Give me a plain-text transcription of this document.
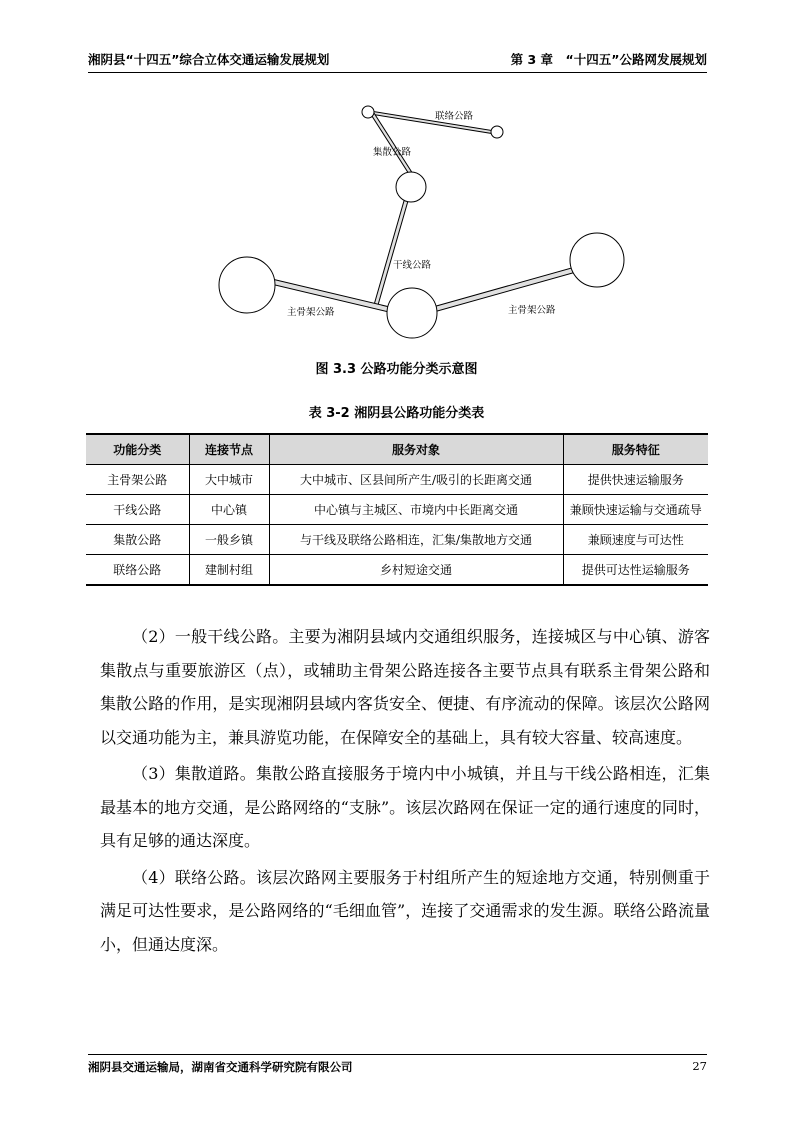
湘阴县“十四五”综合立体交通运输发展规划	第 3 章　“十四五”公路网发展规划
联络公路
集散公路
干线公路
主骨架公路	主骨架公路
图 3.3 公路功能分类示意图
表 3-2 湘阴县公路功能分类表
功能分类	连接节点	服务对象	服务特征
主骨架公路	大中城市	大中城市、区县间所产生/吸引的长距离交通	提供快速运输服务
干线公路	中心镇	中心镇与主城区、市境内中长距离交通	兼顾快速运输与交通疏导
集散公路	一般乡镇	与干线及联络公路相连，汇集/集散地方交通	兼顾速度与可达性
联络公路	建制村组	乡村短途交通	提供可达性运输服务

（2）一般干线公路。主要为湘阴县域内交通组织服务，连接城区与中心镇、游客集散点与重要旅游区（点），或辅助主骨架公路连接各主要节点具有联系主骨架公路和集散公路的作用，是实现湘阴县域内客货安全、便捷、有序流动的保障。该层次公路网以交通功能为主，兼具游览功能，在保障安全的基础上，具有较大容量、较高速度。

（3）集散道路。集散公路直接服务于境内中小城镇，并且与干线公路相连，汇集最基本的地方交通，是公路网络的“支脉”。该层次路网在保证一定的通行速度的同时，具有足够的通达深度。

（4）联络公路。该层次路网主要服务于村组所产生的短途地方交通，特别侧重于满足可达性要求，是公路网络的“毛细血管”，连接了交通需求的发生源。联络公路流量小，但通达度深。

湘阴县交通运输局，湖南省交通科学研究院有限公司	27
